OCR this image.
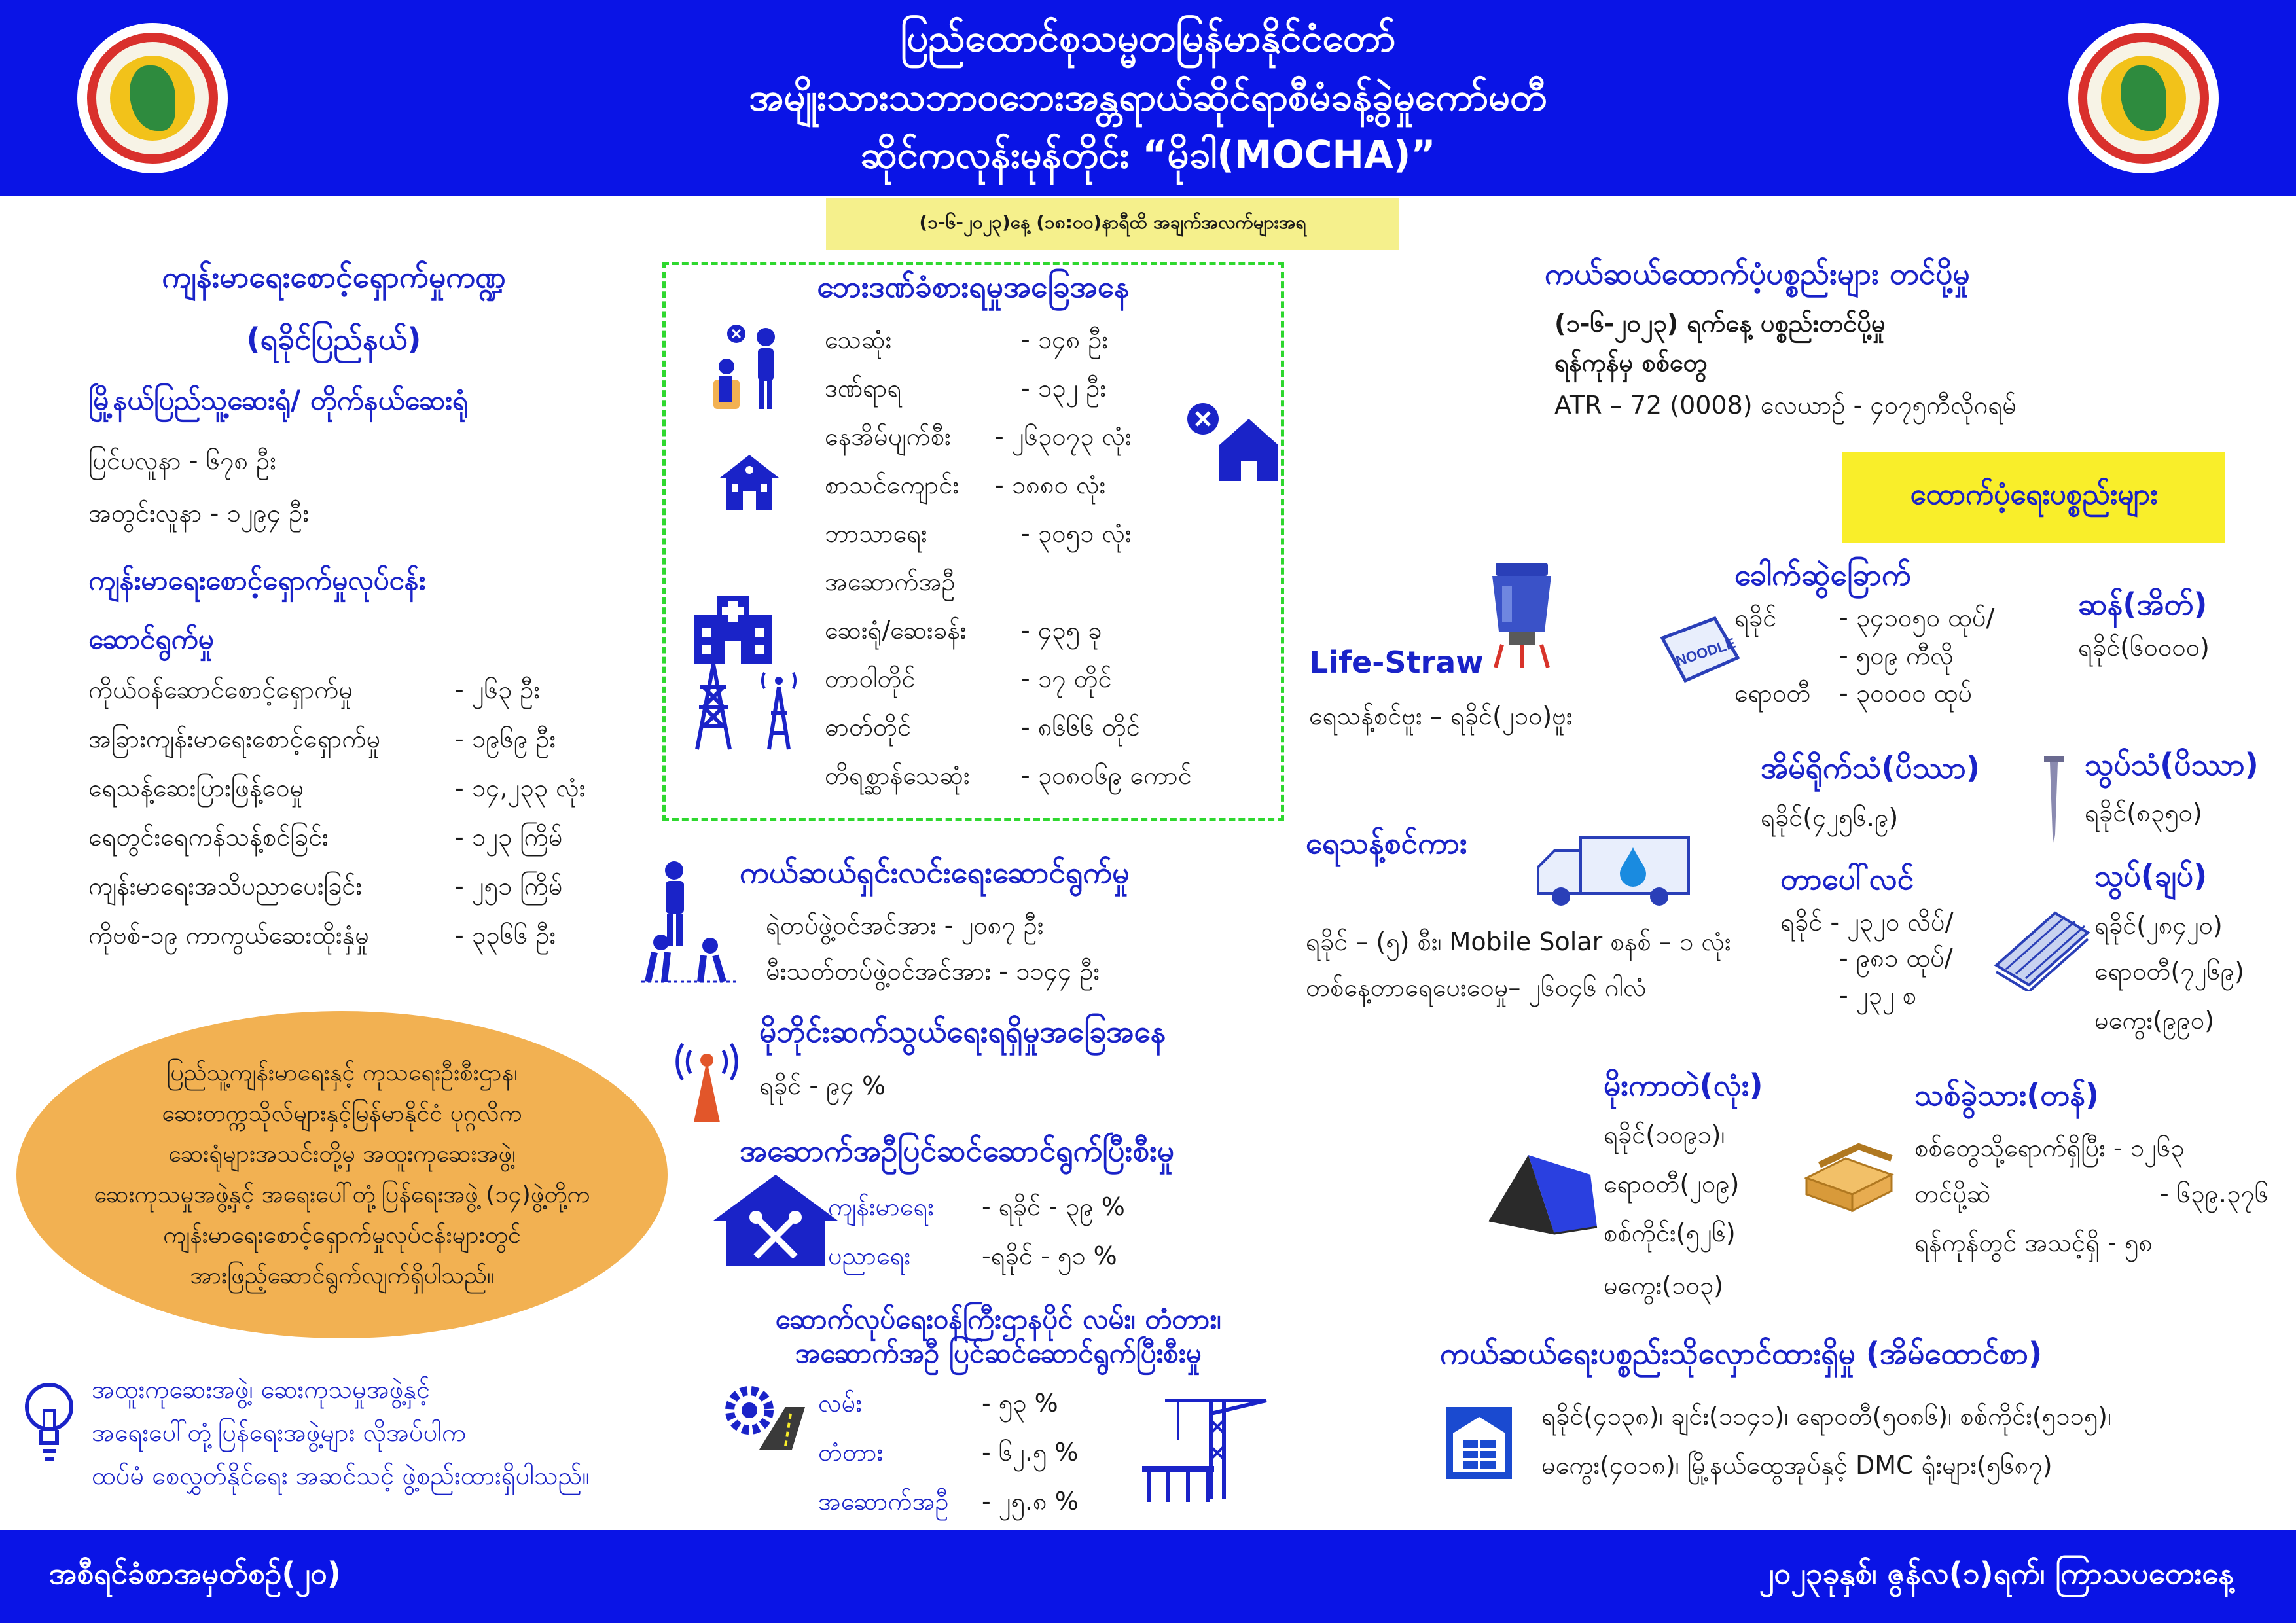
ပြည်ထောင်စုသမ္မတမြန်မာနိုင်ငံတော်
အမျိုးသားသဘာဝဘေးအန္တရာယ်ဆိုင်ရာစီမံခန့်ခွဲမှုကော်မတီ
ဆိုင်ကလုန်းမုန်တိုင်း “မိုခါ(MOCHA)”
(၁-၆-၂၀၂၃)နေ့ (၁၈:၀၀)နာရီထိ အချက်အလက်များအရ
ကျန်းမာရေးစောင့်ရှောက်မှုကဏ္ဍ
(ရခိုင်ပြည်နယ်)
မြို့နယ်ပြည်သူ့ဆေးရုံ/ တိုက်နယ်ဆေးရုံ
ပြင်ပလူနာ - ၆၇၈ ဦး
အတွင်းလူနာ - ၁၂၉၄ ဦး
ကျန်းမာရေးစောင့်ရှောက်မှုလုပ်ငန်း
ဆောင်ရွက်မှု
ကိုယ်ဝန်ဆောင်စောင့်ရှောက်မှု	- ၂၆၃ ဦး
အခြားကျန်းမာရေးစောင့်ရှောက်မှု	- ၁၉၆၉ ဦး
ရေသန့်ဆေးပြားဖြန့်ဝေမှု	- ၁၄,၂၃၃ လုံး
ရေတွင်းရေကန်သန့်စင်ခြင်း	- ၁၂၃ ကြိမ်
ကျန်းမာရေးအသိပညာပေးခြင်း	- ၂၅၁ ကြိမ်
ကိုဗစ်-၁၉ ကာကွယ်ဆေးထိုးနှံမှု	- ၃၃၆၆ ဦး
ပြည်သူ့ကျန်းမာရေးနှင့် ကုသရေးဦးစီးဌာန၊
ဆေးတက္ကသိုလ်များနှင့်မြန်မာနိုင်ငံ ပုဂ္ဂလိက
ဆေးရုံများအသင်းတို့မှ အထူးကုဆေးအဖွဲ့၊
ဆေးကုသမှုအဖွဲ့နှင့် အရေးပေါ်တုံ့ပြန်ရေးအဖွဲ့ (၁၄)ဖွဲ့တို့က
ကျန်းမာရေးစောင့်ရှောက်မှုလုပ်ငန်းများတွင်
အားဖြည့်ဆောင်ရွက်လျက်ရှိပါသည်။
အထူးကုဆေးအဖွဲ့၊ ဆေးကုသမှုအဖွဲ့နှင့်
အရေးပေါ်တုံ့ပြန်ရေးအဖွဲ့များ လိုအပ်ပါက
ထပ်မံ စေလွှတ်နိုင်ရေး အဆင်သင့် ဖွဲ့စည်းထားရှိပါသည်။
ဘေးဒဏ်ခံစားရမှုအခြေအနေ
သေဆုံး	- ၁၄၈ ဦး
ဒဏ်ရာရ	- ၁၃၂ ဦး
နေအိမ်ပျက်စီး	- ၂၆၃၀၇၃ လုံး
စာသင်ကျောင်း	- ၁၈၈၀ လုံး
ဘာသာရေး	- ၃၀၅၁ လုံး
အဆောက်အဦ
ဆေးရုံ/ဆေးခန်း	- ၄၃၅ ခု
တာဝါတိုင်	- ၁၇ တိုင်
ဓာတ်တိုင်	- ၈၆၆၆ တိုင်
တိရစ္ဆာန်သေဆုံး	- ၃၀၈၀၆၉ ကောင်
ကယ်ဆယ်ရှင်းလင်းရေးဆောင်ရွက်မှု
ရဲတပ်ဖွဲ့ဝင်အင်အား - ၂၀၈၇ ဦး
မီးသတ်တပ်ဖွဲ့ဝင်အင်အား - ၁၁၄၄ ဦး
မိုဘိုင်းဆက်သွယ်ရေးရရှိမှုအခြေအနေ
ရခိုင် - ၉၄ %
အဆောက်အဦပြင်ဆင်ဆောင်ရွက်ပြီးစီးမှု
ကျန်းမာရေး - ရခိုင် - ၃၉ %
ပညာရေး	-ရခိုင် - ၅၁ %
ဆောက်လုပ်ရေးဝန်ကြီးဌာနပိုင် လမ်း၊ တံတား၊
အဆောက်အဦ ပြင်ဆင်ဆောင်ရွက်ပြီးစီးမှု
လမ်း	- ၅၃ %
တံတား	- ၆၂.၅ %
အဆောက်အဦ - ၂၅.၈ %
ကယ်ဆယ်ထောက်ပံ့ပစ္စည်းများ တင်ပို့မှု
(၁-၆-၂၀၂၃) ရက်နေ့ ပစ္စည်းတင်ပို့မှု
ရန်ကုန်မှ စစ်တွေ
ATR – 72 (0008) လေယာဉ် - ၄၀၇၅ကီလိုဂရမ်
ထောက်ပံ့ရေးပစ္စည်းများ
Life-Straw
ရေသန့်စင်ဗူး – ရခိုင်(၂၁၀)ဗူး
NOODLE
ခေါက်ဆွဲခြောက်
ရခိုင်	- ၃၄၁၀၅၀ ထုပ်/
- ၅၀၉ ကီလို
ရောဝတီ - ၃၀၀၀၀ ထုပ်
ဆန်(အိတ်)
ရခိုင်(၆၀၀၀၀)
ရေသန့်စင်ကား
ရခိုင် – (၅) စီး၊ Mobile Solar စနစ် – ၁ လုံး
တစ်နေ့တာရေပေးဝေမှု– ၂၆၀၄၆ ဂါလံ
အိမ်ရိုက်သံ(ပိဿာ)
ရခိုင်(၄၂၅၆.၉)
သွပ်သံ(ပိဿာ)
ရခိုင်(၈၃၅၀)
တာပေါ်လင်
ရခိုင် - ၂၃၂၀ လိပ်/
- ၉၈၁ ထုပ်/
- ၂၃၂ စ
သွပ်(ချပ်)
ရခိုင်(၂၈၄၂၀)
ရောဝတီ(၇၂၆၉)
မကွေး(၉၉၀)
မိုးကာတဲ(လုံး)
ရခိုင်(၁၀၉၁)၊
ရောဝတီ(၂၀၉)
စစ်ကိုင်း(၅၂၆)
မကွေး(၁၀၃)
သစ်ခွဲသား(တန်)
စစ်တွေသို့ရောက်ရှိပြီး - ၁၂၆၃
တင်ပို့ဆဲ	- ၆၃၉.၃၇၆
ရန်ကုန်တွင် အသင့်ရှိ - ၅၈
ကယ်ဆယ်ရေးပစ္စည်းသိုလှောင်ထားရှိမှု (အိမ်ထောင်စာ)
ရခိုင်(၄၁၃၈)၊ ချင်း(၁၁၄၁)၊ ရောဝတီ(၅၀၈၆)၊ စစ်ကိုင်း(၅၁၁၅)၊
မကွေး(၄၀၁၈)၊ မြို့နယ်ထွေအုပ်နှင့် DMC ရုံးများ(၅၆၈၇)
အစီရင်ခံစာအမှတ်စဉ်(၂၀)	၂၀၂၃ခုနှစ်၊ ဇွန်လ(၁)ရက်၊ ကြာသပတေးနေ့
